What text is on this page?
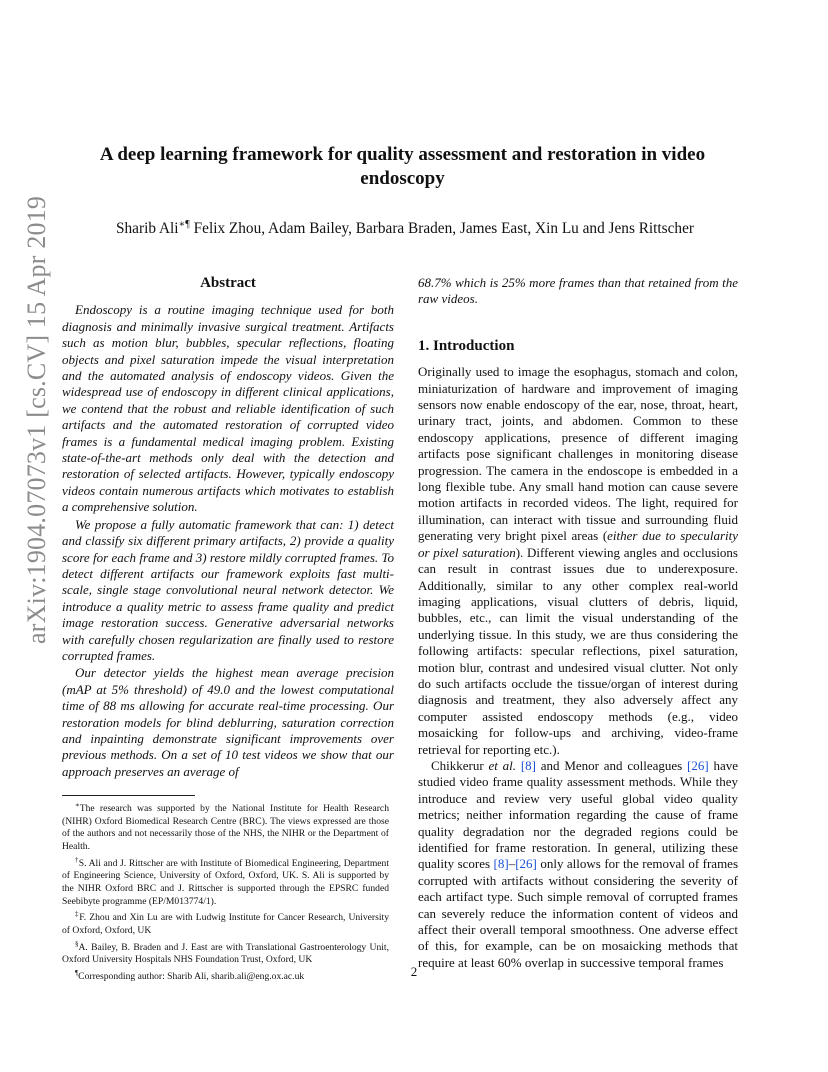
arXiv:1904.07073v1 [cs.CV] 15 Apr 2019
A deep learning framework for quality assessment and restoration in video
endoscopy
Sharib Ali∗¶ Felix Zhou, Adam Bailey, Barbara Braden, James East, Xin Lu and Jens Rittscher
Abstract

Endoscopy is a routine imaging technique used for both diagnosis and minimally invasive surgical treatment. Artifacts such as motion blur, bubbles, specular reflections, floating objects and pixel saturation impede the visual interpretation and the automated analysis of endoscopy videos. Given the widespread use of endoscopy in different clinical applications, we contend that the robust and reliable identification of such artifacts and the automated restoration of corrupted video frames is a fundamental medical imaging problem. Existing state-of-the-art methods only deal with the detection and restoration of selected artifacts. However, typically endoscopy videos contain numerous artifacts which motivates to establish a comprehensive solution.

We propose a fully automatic framework that can: 1) detect and classify six different primary artifacts, 2) provide a quality score for each frame and 3) restore mildly corrupted frames. To detect different artifacts our framework exploits fast multi-scale, single stage convolutional neural network detector. We introduce a quality metric to assess frame quality and predict image restoration success. Generative adversarial networks with carefully chosen regularization are finally used to restore corrupted frames.

Our detector yields the highest mean average precision (mAP at 5% threshold) of 49.0 and the lowest computational time of 88 ms allowing for accurate real-time processing. Our restoration models for blind deblurring, saturation correction and inpainting demonstrate significant improvements over previous methods. On a set of 10 test videos we show that our approach preserves an average of

68.7% which is 25% more frames than that retained from the raw videos.

1. Introduction

Originally used to image the esophagus, stomach and colon, miniaturization of hardware and improvement of imaging sensors now enable endoscopy of the ear, nose, throat, heart, urinary tract, joints, and abdomen. Common to these endoscopy applications, presence of different imaging artifacts pose significant challenges in monitoring disease progression. The camera in the endoscope is embedded in a long flexible tube. Any small hand motion can cause severe motion artifacts in recorded videos. The light, required for illumination, can interact with tissue and surrounding fluid generating very bright pixel areas (either due to specularity or pixel saturation). Different viewing angles and occlusions can result in contrast issues due to underexposure. Additionally, similar to any other complex real-world imaging applications, visual clutters of debris, liquid, bubbles, etc., can limit the visual understanding of the underlying tissue. In this study, we are thus considering the following artifacts: specular reflections, pixel saturation, motion blur, contrast and undesired visual clutter. Not only do such artifacts occlude the tissue/organ of interest during diagnosis and treatment, they also adversely affect any computer assisted endoscopy methods (e.g., video mosaicking for follow-ups and archiving, video-frame retrieval for reporting etc.).

Chikkerur et al. [8] and Menor and colleagues [26] have studied video frame quality assessment methods. While they introduce and review very useful global video quality metrics; neither information regarding the cause of frame quality degradation nor the degraded regions could be identified for frame restoration. In general, utilizing these quality scores [8]–[26] only allows for the removal of frames corrupted with artifacts without considering the severity of each artifact type. Such simple removal of corrupted frames can severely reduce the information content of videos and affect their overall temporal smoothness. One adverse effect of this, for example, can be on mosaicking methods that require at least 60% overlap in successive temporal frames

∗The research was supported by the National Institute for Health Research (NIHR) Oxford Biomedical Research Centre (BRC). The views expressed are those of the authors and not necessarily those of the NHS, the NIHR or the Department of Health.

†S. Ali and J. Rittscher are with Institute of Biomedical Engineering, Department of Engineering Science, University of Oxford, Oxford, UK. S. Ali is supported by the NIHR Oxford BRC and J. Rittscher is supported through the EPSRC funded Seebibyte programme (EP/M013774/1).

‡F. Zhou and Xin Lu are with Ludwig Institute for Cancer Research, University of Oxford, Oxford, UK

§A. Bailey, B. Braden and J. East are with Translational Gastroenterology Unit, Oxford University Hospitals NHS Foundation Trust, Oxford, UK

¶Corresponding author: Sharib Ali, sharib.ali@eng.ox.ac.uk	2
